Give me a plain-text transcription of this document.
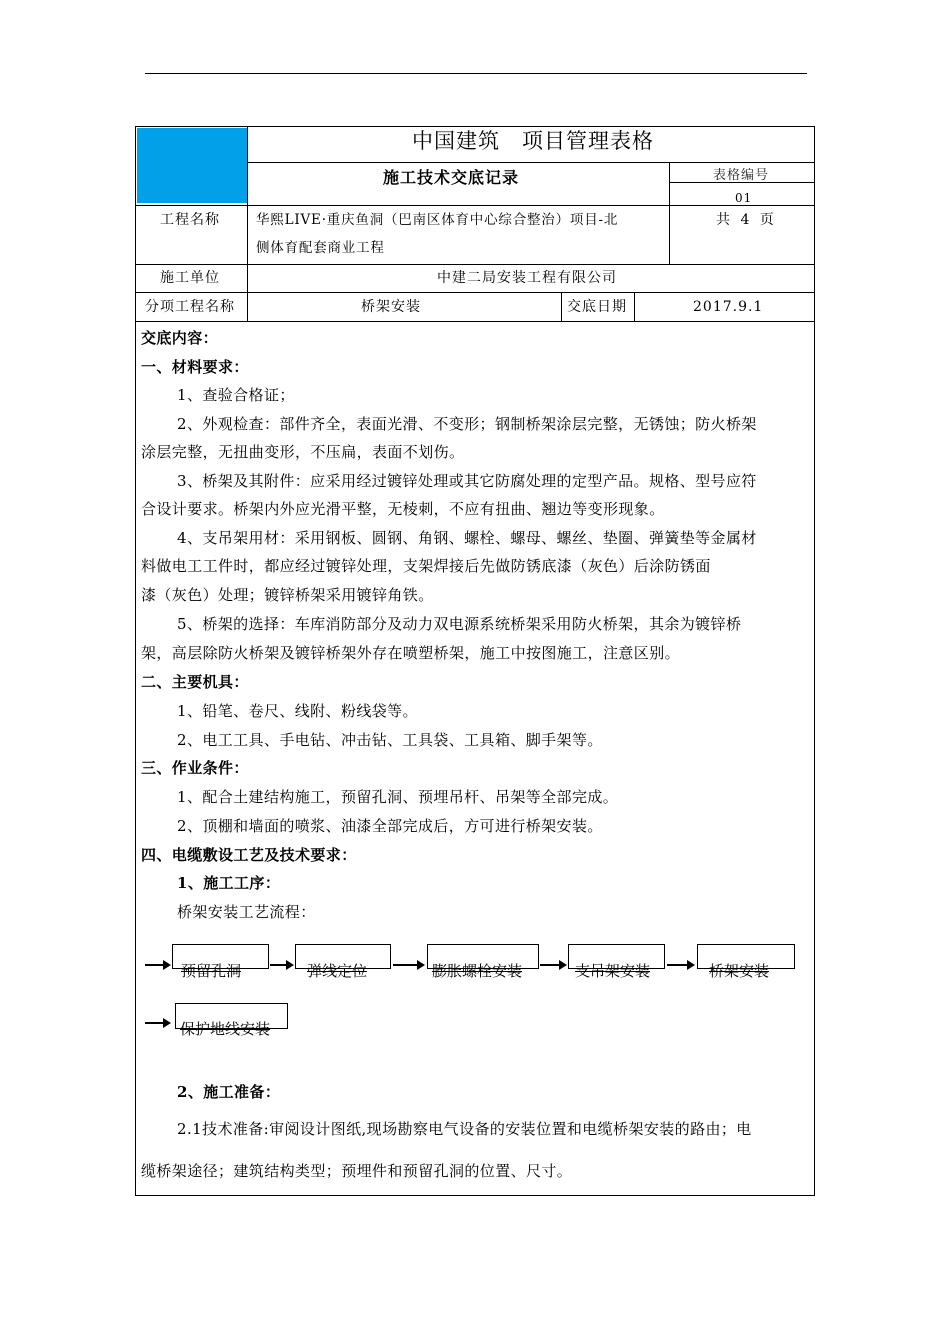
中国建筑　项目管理表格
施工技术交底记录	表格编号
01
工程名称	华熙LIVE·重庆鱼洞（巴南区体育中心综合整治）项目-北
侧体育配套商业工程
共 4 页
施工单位	中建二局安装工程有限公司
分项工程名称	桥架安装	交底日期	2017.9.1
交底内容：
一、材料要求：
1、查验合格证；
2、外观检查：部件齐全，表面光滑、不变形；钢制桥架涂层完整，无锈蚀；防火桥架
涂层完整，无扭曲变形，不压扁，表面不划伤。
3、桥架及其附件：应采用经过镀锌处理或其它防腐处理的定型产品。规格、型号应符
合设计要求。桥架内外应光滑平整，无棱刺，不应有扭曲、翘边等变形现象。
4、支吊架用材：采用钢板、圆钢、角钢、螺栓、螺母、螺丝、垫圈、弹簧垫等金属材
料做电工工件时，都应经过镀锌处理，支架焊接后先做防锈底漆（灰色）后涂防锈面
漆（灰色）处理；镀锌桥架采用镀锌角铁。
5、桥架的选择：车库消防部分及动力双电源系统桥架采用防火桥架，其余为镀锌桥
架，高层除防火桥架及镀锌桥架外存在喷塑桥架，施工中按图施工，注意区别。
二、主要机具：
1、铅笔、卷尺、线附、粉线袋等。
2、电工工具、手电钻、冲击钻、工具袋、工具箱、脚手架等。
三、作业条件：
1、配合土建结构施工，预留孔洞、预埋吊杆、吊架等全部完成。
2、顶棚和墙面的喷浆、油漆全部完成后，方可进行桥架安装。
四、电缆敷设工艺及技术要求：
1、施工工序：
桥架安装工艺流程：
预留孔洞	弹线定位	膨胀螺栓安装	支吊架安装	桥架安装
保护地线安装
2、施工准备：
2.1技术准备:审阅设计图纸,现场勘察电气设备的安装位置和电缆桥架安装的路由；电
缆桥架途径；建筑结构类型；预埋件和预留孔洞的位置、尺寸。
